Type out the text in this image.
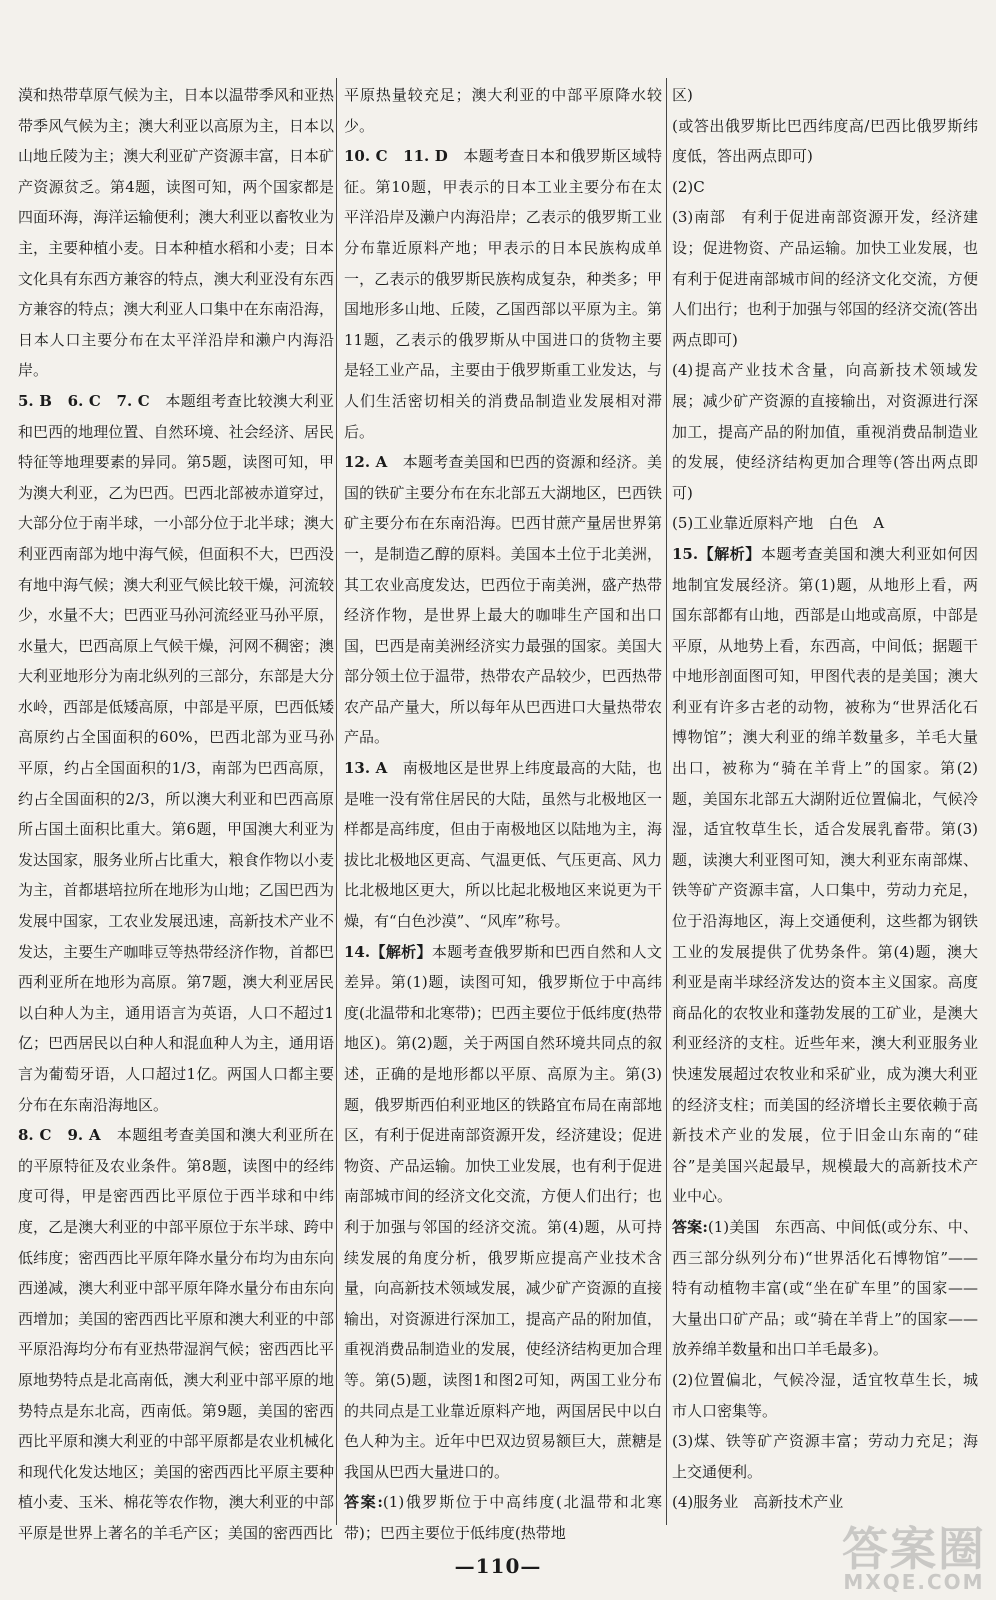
漠和热带草原气候为主，日本以温带季风和亚热带季风气候为主；澳大利亚以高原为主，日本以山地丘陵为主；澳大利亚矿产资源丰富，日本矿产资源贫乏。第4题，读图可知，两个国家都是四面环海，海洋运输便利；澳大利亚以畜牧业为主，主要种植小麦。日本种植水稻和小麦；日本文化具有东西方兼容的特点，澳大利亚没有东西方兼容的特点；澳大利亚人口集中在东南沿海，日本人口主要分布在太平洋沿岸和濑户内海沿岸。

5. B　6. C　7. C　本题组考查比较澳大利亚和巴西的地理位置、自然环境、社会经济、居民特征等地理要素的异同。第5题，读图可知，甲为澳大利亚，乙为巴西。巴西北部被赤道穿过，大部分位于南半球，一小部分位于北半球；澳大利亚西南部为地中海气候，但面积不大，巴西没有地中海气候；澳大利亚气候比较干燥，河流较少，水量不大；巴西亚马孙河流经亚马孙平原，水量大，巴西高原上气候干燥，河网不稠密；澳大利亚地形分为南北纵列的三部分，东部是大分水岭，西部是低矮高原，中部是平原，巴西低矮高原约占全国面积的60%，巴西北部为亚马孙平原，约占全国面积的1/3，南部为巴西高原，约占全国面积的2/3，所以澳大利亚和巴西高原所占国土面积比重大。第6题，甲国澳大利亚为发达国家，服务业所占比重大，粮食作物以小麦为主，首都堪培拉所在地形为山地；乙国巴西为发展中国家，工农业发展迅速，高新技术产业不发达，主要生产咖啡豆等热带经济作物，首都巴西利亚所在地形为高原。第7题，澳大利亚居民以白种人为主，通用语言为英语，人口不超过1亿；巴西居民以白种人和混血种人为主，通用语言为葡萄牙语，人口超过1亿。两国人口都主要分布在东南沿海地区。

8. C　9. A　本题组考查美国和澳大利亚所在的平原特征及农业条件。第8题，读图中的经纬度可得，甲是密西西比平原位于西半球和中纬度，乙是澳大利亚的中部平原位于东半球、跨中低纬度；密西西比平原年降水量分布均为由东向西递减，澳大利亚中部平原年降水量分布由东向西增加；美国的密西西比平原和澳大利亚的中部平原沿海均分布有亚热带湿润气候；密西西比平原地势特点是北高南低，澳大利亚中部平原的地势特点是东北高，西南低。第9题，美国的密西西比平原和澳大利亚的中部平原都是农业机械化和现代化发达地区；美国的密西西比平原主要种植小麦、玉米、棉花等农作物，澳大利亚的中部平原是世界上著名的羊毛产区；美国的密西西比

平原热量较充足；澳大利亚的中部平原降水较少。

10. C　11. D　本题考查日本和俄罗斯区域特征。第10题，甲表示的日本工业主要分布在太平洋沿岸及濑户内海沿岸；乙表示的俄罗斯工业分布靠近原料产地；甲表示的日本民族构成单一，乙表示的俄罗斯民族构成复杂，种类多；甲国地形多山地、丘陵，乙国西部以平原为主。第11题，乙表示的俄罗斯从中国进口的货物主要是轻工业产品，主要由于俄罗斯重工业发达，与人们生活密切相关的消费品制造业发展相对滞后。

12. A　本题考查美国和巴西的资源和经济。美国的铁矿主要分布在东北部五大湖地区，巴西铁矿主要分布在东南沿海。巴西甘蔗产量居世界第一，是制造乙醇的原料。美国本土位于北美洲，其工农业高度发达，巴西位于南美洲，盛产热带经济作物，是世界上最大的咖啡生产国和出口国，巴西是南美洲经济实力最强的国家。美国大部分领土位于温带，热带农产品较少，巴西热带农产品产量大，所以每年从巴西进口大量热带农产品。

13. A　南极地区是世界上纬度最高的大陆，也是唯一没有常住居民的大陆，虽然与北极地区一样都是高纬度，但由于南极地区以陆地为主，海拔比北极地区更高、气温更低、气压更高、风力比北极地区更大，所以比起北极地区来说更为干燥，有“白色沙漠”、“风库”称号。

14.【解析】本题考查俄罗斯和巴西自然和人文差异。第(1)题，读图可知，俄罗斯位于中高纬度(北温带和北寒带)；巴西主要位于低纬度(热带地区)。第(2)题，关于两国自然环境共同点的叙述，正确的是地形都以平原、高原为主。第(3)题，俄罗斯西伯利亚地区的铁路宜布局在南部地区，有利于促进南部资源开发，经济建设；促进物资、产品运输。加快工业发展，也有利于促进南部城市间的经济文化交流，方便人们出行；也利于加强与邻国的经济交流。第(4)题，从可持续发展的角度分析，俄罗斯应提高产业技术含量，向高新技术领域发展，减少矿产资源的直接输出，对资源进行深加工，提高产品的附加值，重视消费品制造业的发展，使经济结构更加合理等。第(5)题，读图1和图2可知，两国工业分布的共同点是工业靠近原料产地，两国居民中以白色人种为主。近年中巴双边贸易额巨大，蔗糖是我国从巴西大量进口的。

答案:(1)俄罗斯位于中高纬度(北温带和北寒带)；巴西主要位于低纬度(热带地

区)

(或答出俄罗斯比巴西纬度高/巴西比俄罗斯纬度低，答出两点即可)

(2)C

(3)南部　有利于促进南部资源开发，经济建设；促进物资、产品运输。加快工业发展，也有利于促进南部城市间的经济文化交流，方便人们出行；也利于加强与邻国的经济交流(答出两点即可)

(4)提高产业技术含量，向高新技术领域发展；减少矿产资源的直接输出，对资源进行深加工，提高产品的附加值，重视消费品制造业的发展，使经济结构更加合理等(答出两点即可)

(5)工业靠近原料产地　白色　A

15.【解析】本题考查美国和澳大利亚如何因地制宜发展经济。第(1)题，从地形上看，两国东部都有山地，西部是山地或高原，中部是平原，从地势上看，东西高，中间低；据题干中地形剖面图可知，甲图代表的是美国；澳大利亚有许多古老的动物，被称为“世界活化石博物馆”；澳大利亚的绵羊数量多，羊毛大量出口，被称为“骑在羊背上”的国家。第(2)题，美国东北部五大湖附近位置偏北，气候冷湿，适宜牧草生长，适合发展乳畜带。第(3)题，读澳大利亚图可知，澳大利亚东南部煤、铁等矿产资源丰富，人口集中，劳动力充足，位于沿海地区，海上交通便利，这些都为钢铁工业的发展提供了优势条件。第(4)题，澳大利亚是南半球经济发达的资本主义国家。高度商品化的农牧业和蓬勃发展的工矿业，是澳大利亚经济的支柱。近些年来，澳大利亚服务业快速发展超过农牧业和采矿业，成为澳大利亚的经济支柱；而美国的经济增长主要依赖于高新技术产业的发展，位于旧金山东南的“硅谷”是美国兴起最早，规模最大的高新技术产业中心。

答案:(1)美国　东西高、中间低(或分东、中、西三部分纵列分布)“世界活化石博物馆”——特有动植物丰富(或“坐在矿车里”的国家——大量出口矿产品；或“骑在羊背上”的国家——放养绵羊数量和出口羊毛最多)。

(2)位置偏北，气候冷湿，适宜牧草生长，城市人口密集等。

(3)煤、铁等矿产资源丰富；劳动力充足；海上交通便利。

(4)服务业　高新技术产业

—110—	答案圈
MXQE.COM
